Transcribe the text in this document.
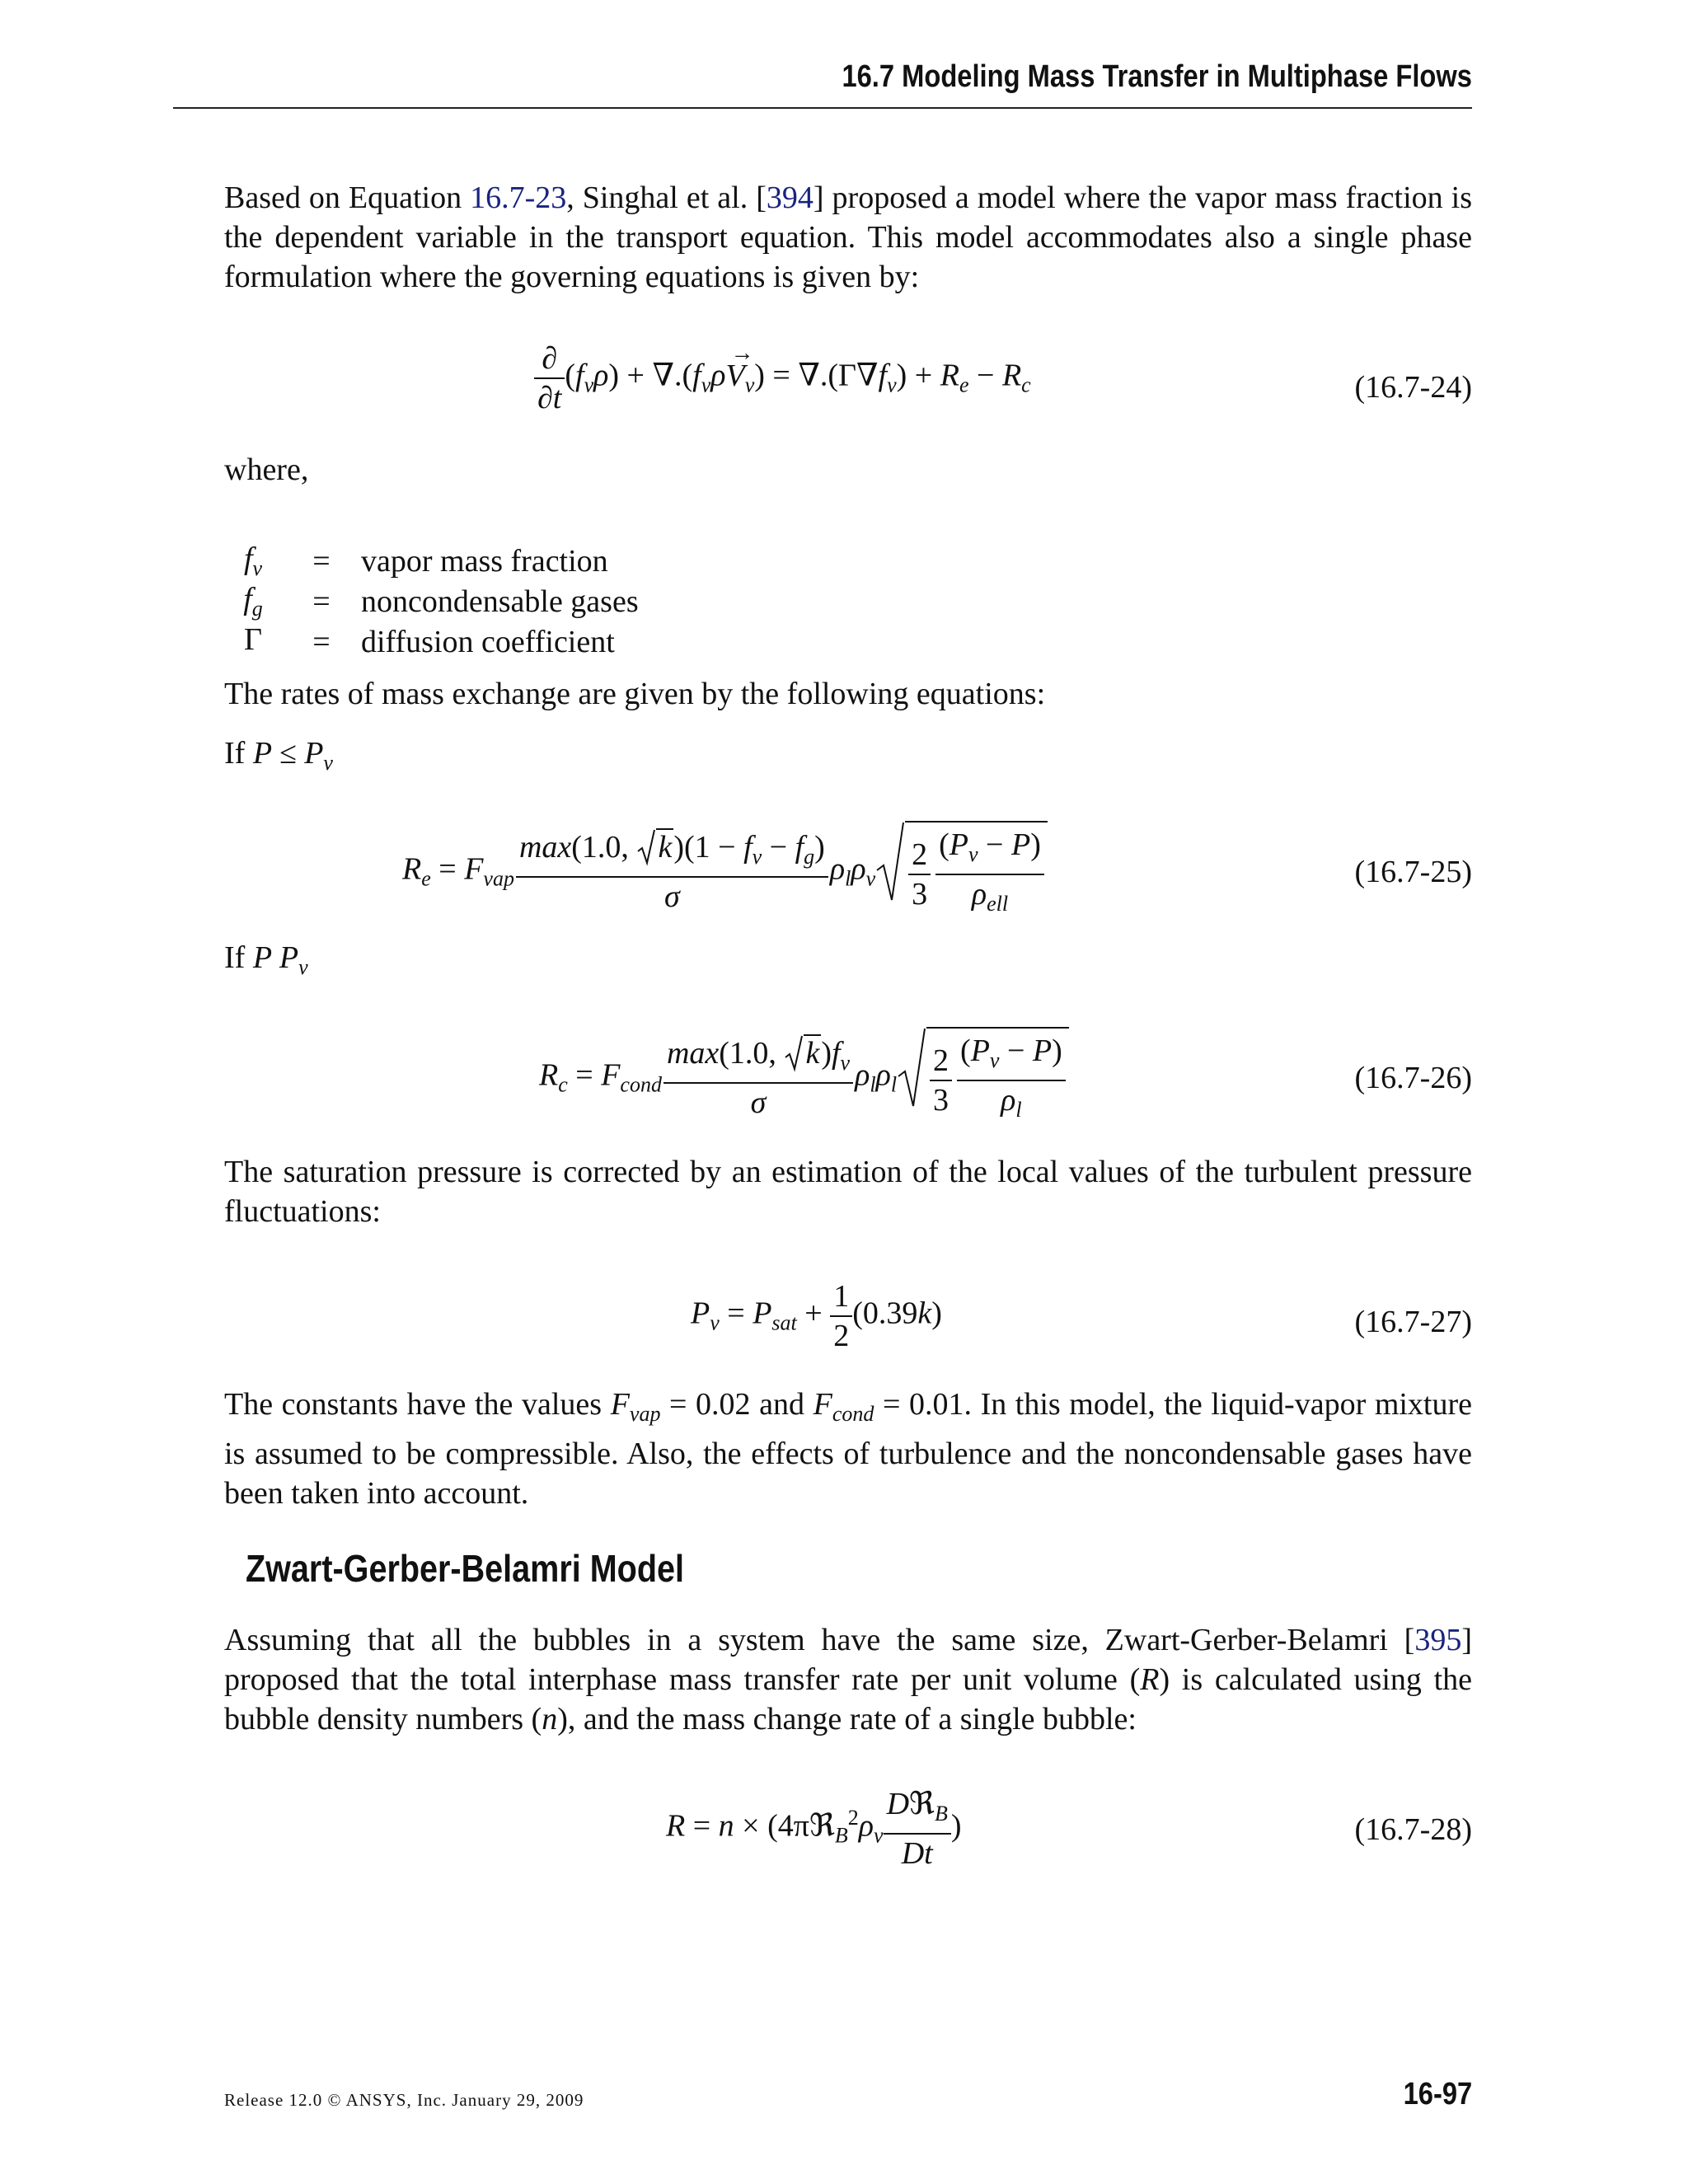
16.7 Modeling Mass Transfer in Multiphase Flows

Based on Equation 16.7-23, Singhal et al. [394] proposed a model where the vapor mass fraction is the dependent variable in the transport equation. This model accommodates also a single phase formulation where the governing equations is given by:

$\frac{\partial}{\partial t} (f_v\rho) + \nabla.(f_v\rho V$
→
$_v) = \nabla.(\Gamma\nabla f_v) + R_e - R_c$	(16.7-24)
where,
$f_v$	=	vapor mass fraction
$f_g$	=	noncondensable gases
Γ	=	diffusion coefficient
The rates of mass exchange are given by the following equations:
If $P \le P_v$
$R_e = F_{vap}$ max(1.0,
$k)(1 - f_v - f_g)$
σ $\rho_l\rho_v \frac{2}{3} \frac{(P_v - P)}{\rho_{ell}}$	(16.7-25)
If P $P_v$
$R_c = F_{cond}$ max(1.0,
$k)f_v$
σ $\rho_l\rho_l \frac{2}{3} \frac{(P_v - P)}{\rho_l}$	(16.7-26)

The saturation pressure is corrected by an estimation of the local values of the turbulent pressure fluctuations:

$P_v = P_{sat} + \frac{1}{2} (0.39k)$	(16.7-27)

The constants have the values $F_{vap} = 0.02$ and $F_{cond} = 0.01$. In this model, the liquid-vapor mixture is assumed to be compressible. Also, the effects of turbulence and the noncondensable gases have been taken into account.

Zwart-Gerber-Belamri Model

Assuming that all the bubbles in a system have the same size, Zwart-Gerber-Belamri [395] proposed that the total interphase mass transfer rate per unit volume (R) is calculated using the bubble density numbers (n), and the mass change rate of a single bubble:

$R = n \times (4\pi ℜ_B^2\rho_v \frac{Dℜ_B}{Dt}$ )	(16.7-28)
Release 12.0 © ANSYS, Inc. January 29, 2009	16-97
